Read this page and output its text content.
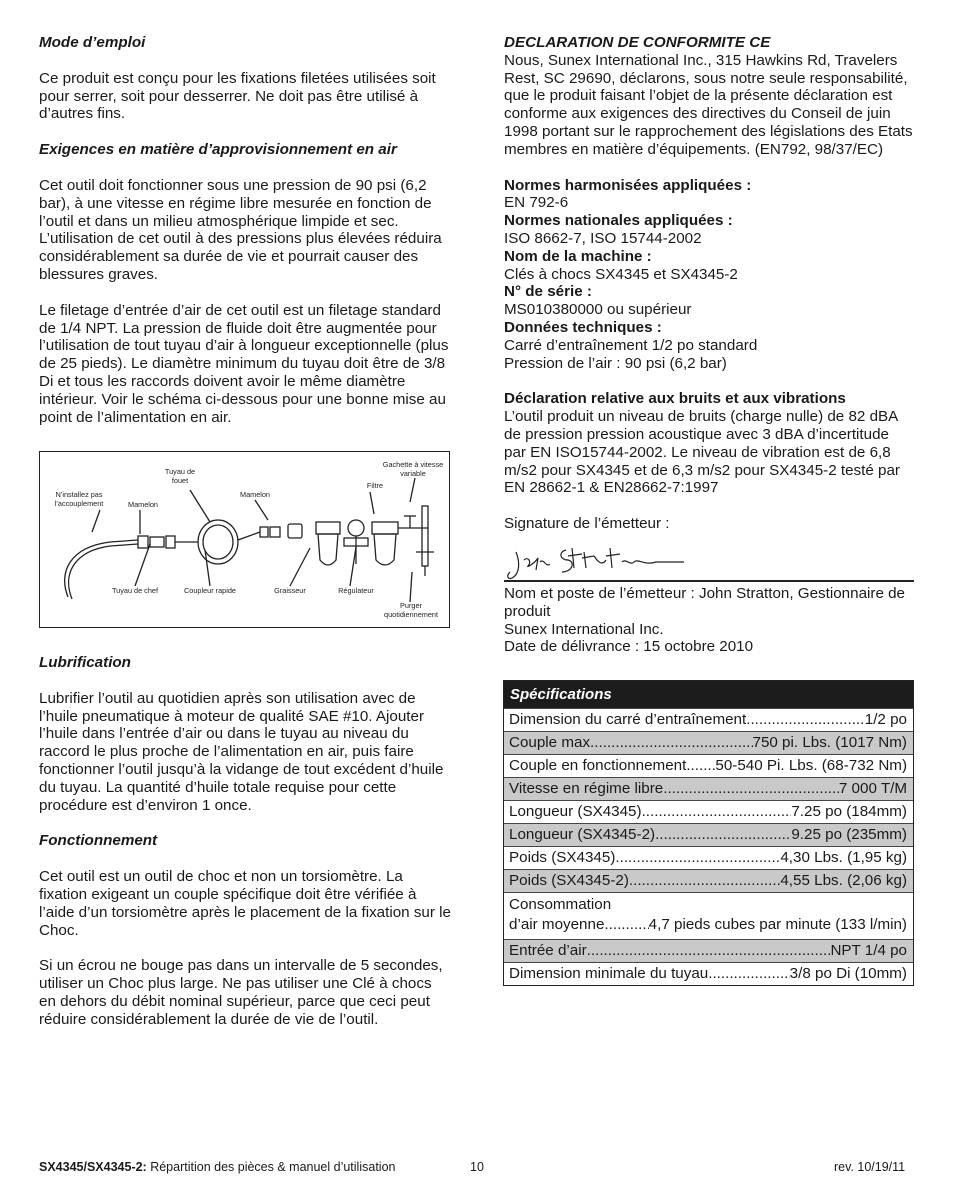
Mode d’emploi

Ce produit est conçu pour les fixations filetées utilisées soit pour serrer, soit pour desserrer. Ne doit pas être utilisé à d’autres fins.

Exigences en matière d’approvisionnement en air

Cet outil doit fonctionner sous une pression de 90 psi (6,2 bar), à une vitesse en régime libre mesurée en fonction de l’outil et dans un milieu atmosphérique limpide et sec. L’utilisation de cet outil à des pressions plus élevées réduira considérablement sa durée de vie et pourrait causer des blessures graves.

Le filetage d’entrée d’air de cet outil est un filetage standard de 1/4 NPT. La pression de fluide doit être augmentée pour l’utilisation de tout tuyau d’air à longueur exceptionnelle (plus de 25 pieds). Le diamètre minimum du tuyau doit être de 3/8 Di et tous les raccords doivent avoir le même diamètre intérieur. Voir le schéma ci-dessous pour une bonne mise au point de l’alimentation en air.

N’installez pas l’accouplement	Mamelon
Tuyau de fouet
Mamelon
Filtre
Gachette à vitesse variable
Tuyau de chef	Coupleur rapide	Graisseur	Régulateur
Purger quotidiennement

Lubrification

Lubrifier l’outil au quotidien après son utilisation avec de l’huile pneumatique à moteur de qualité SAE #10. Ajouter l’huile dans l’entrée d’air ou dans le tuyau au niveau du raccord le plus proche de l’alimentation en air, puis faire fonctionner l’outil jusqu’à la vidange de tout excédent d’huile du tuyau. La quantité d’huile totale requise pour cette procédure est d’environ 1 once.

Fonctionnement

Cet outil est un outil de choc et non un torsiomètre. La fixation exigeant un couple spécifique doit être vérifiée à l’aide d’un torsiomètre après le placement de la fixation sur le Choc.

Si un écrou ne bouge pas dans un intervalle de 5 secondes, utiliser un Choc plus large. Ne pas utiliser une Clé à chocs en dehors du débit nominal supérieur, parce que ceci peut réduire considérablement la durée de vie de l’outil.

DECLARATION DE CONFORMITE CE

Nous, Sunex International Inc., 315 Hawkins Rd, Travelers Rest, SC 29690, déclarons, sous notre seule responsabilité, que le produit faisant l’objet de la présente déclaration est conforme aux exigences des directives du Conseil de juin 1998 portant sur le rapprochement des législations des Etats membres en matière d’équipements. (EN792, 98/37/EC)

Normes harmonisées appliquées :

EN 792-6

Normes nationales appliquées :

ISO 8662-7, ISO 15744-2002

Nom de la machine :

Clés à chocs SX4345 et SX4345-2

N° de série :

MS010380000 ou supérieur

Données techniques :

Carré d’entraînement 1/2 po standard

Pression de l’air : 90 psi (6,2 bar)

Déclaration relative aux bruits et aux vibrations

L’outil produit un niveau de bruits (charge nulle) de 82 dBA de pression pression acoustique avec 3 dBA d’incertitude par EN ISO15744-2002. Le niveau de vibration est de 6,8 m/s2 pour SX4345 et de 6,3 m/s2 pour SX4345-2 testé par EN 28662-1 & EN28662-7:1997

Signature de l’émetteur :

Nom et poste de l’émetteur : John Stratton, Gestionnaire de produit

Sunex International Inc.

Date de délivrance : 15 octobre 2010

Spécifications
Dimension du carré d’entraînement .....	1/2 po
Couple max .....	750 pi. Lbs. (1017 Nm)
Couple en fonctionnement ..... 50-540 Pi. Lbs. (68-732 Nm)
Vitesse en régime libre .....	7 000 T/M
Longueur (SX4345) .....	7.25 po (184mm)
Longueur (SX4345-2) .....	9.25 po (235mm)
Poids (SX4345) .....	4,30 Lbs. (1,95 kg)
Poids (SX4345-2) .....	4,55 Lbs. (2,06 kg)
Consommation
d’air moyenne .....	4,7 pieds cubes par minute (133 l/min)
Entrée d’air .....	NPT 1/4 po
Dimension minimale du tuyau .....	3/8 po Di (10mm)
SX4345/SX4345-2: Répartition des pièces & manuel d’utilisation	10	rev. 10/19/11
